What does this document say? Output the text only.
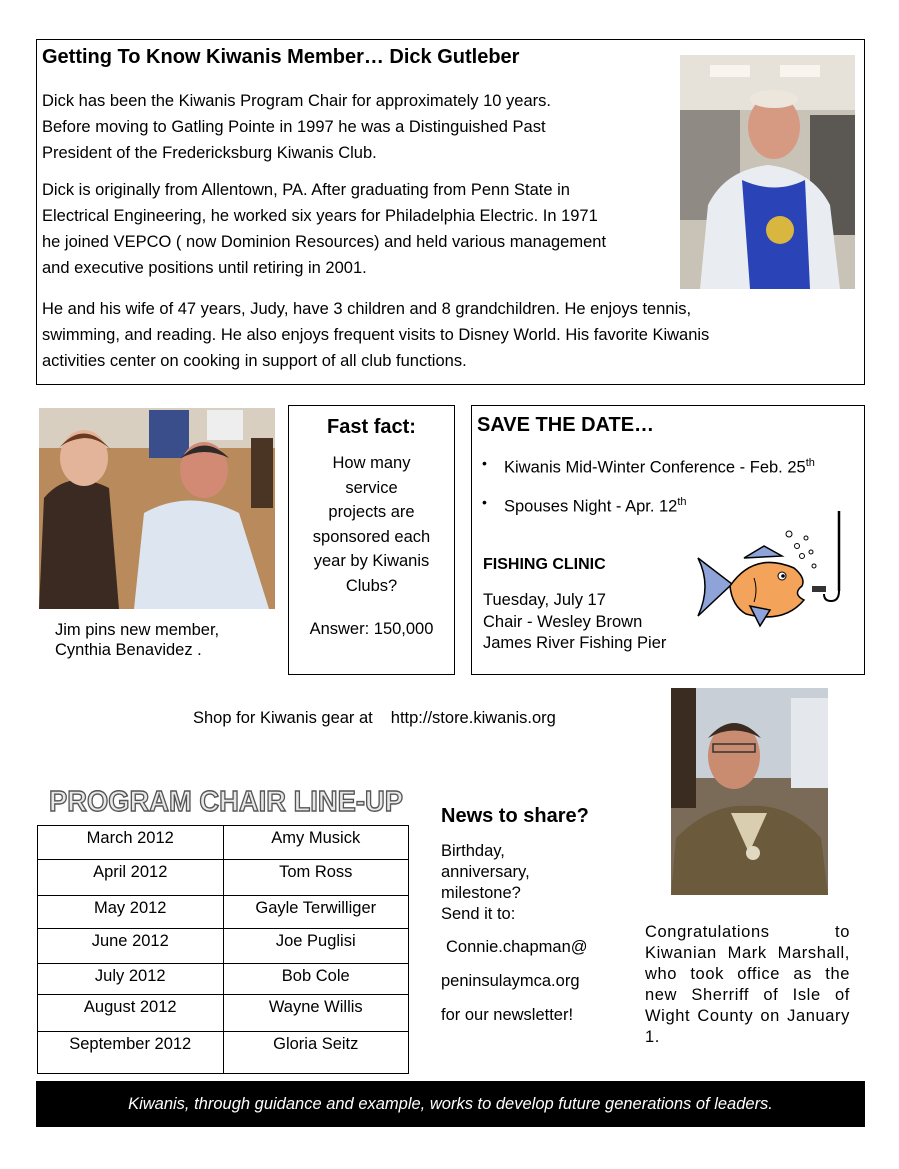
Getting To Know Kiwanis Member… Dick Gutleber

Dick has been the Kiwanis Program Chair for approximately 10 years.

Before moving to Gatling Pointe in 1997 he was a Distinguished Past

President of the Fredericksburg Kiwanis Club.

Dick is originally from Allentown, PA. After graduating from Penn State in

Electrical Engineering, he worked six years for Philadelphia Electric. In 1971

he joined VEPCO ( now Dominion Resources) and held various management

and executive positions until retiring in 2001.

He and his wife of 47 years, Judy, have 3 children and 8 grandchildren. He enjoys tennis,

swimming, and reading. He also enjoys frequent visits to Disney World. His favorite Kiwanis

activities center on cooking in support of all club functions.

Jim pins new member,
Cynthia Benavidez .
Fast fact:
How many
service
projects are
sponsored each
year by Kiwanis
Clubs?
Answer: 150,000
SAVE THE DATE…
• Kiwanis Mid-Winter Conference - Feb. 25th
• Spouses Night - Apr. 12th
FISHING CLINIC
Tuesday, July 17
Chair - Wesley Brown
James River Fishing Pier
Shop for Kiwanis gear at http://store.kiwanis.org
PROGRAM CHAIR LINE-UP
March 2012	Amy Musick
April 2012	Tom Ross
May 2012	Gayle Terwilliger
June 2012	Joe Puglisi
July 2012	Bob Cole
August 2012	Wayne Willis
September 2012	Gloria Seitz
News to share?

Birthday,

anniversary,

milestone?

Send it to:

Connie.chapman@

peninsulaymca.org

for our newsletter!

Congratulations to Kiwanian Mark Marshall, who took office as the new Sherriff of Isle of Wight County on January 1.
Kiwanis, through guidance and example, works to develop future generations of leaders.
